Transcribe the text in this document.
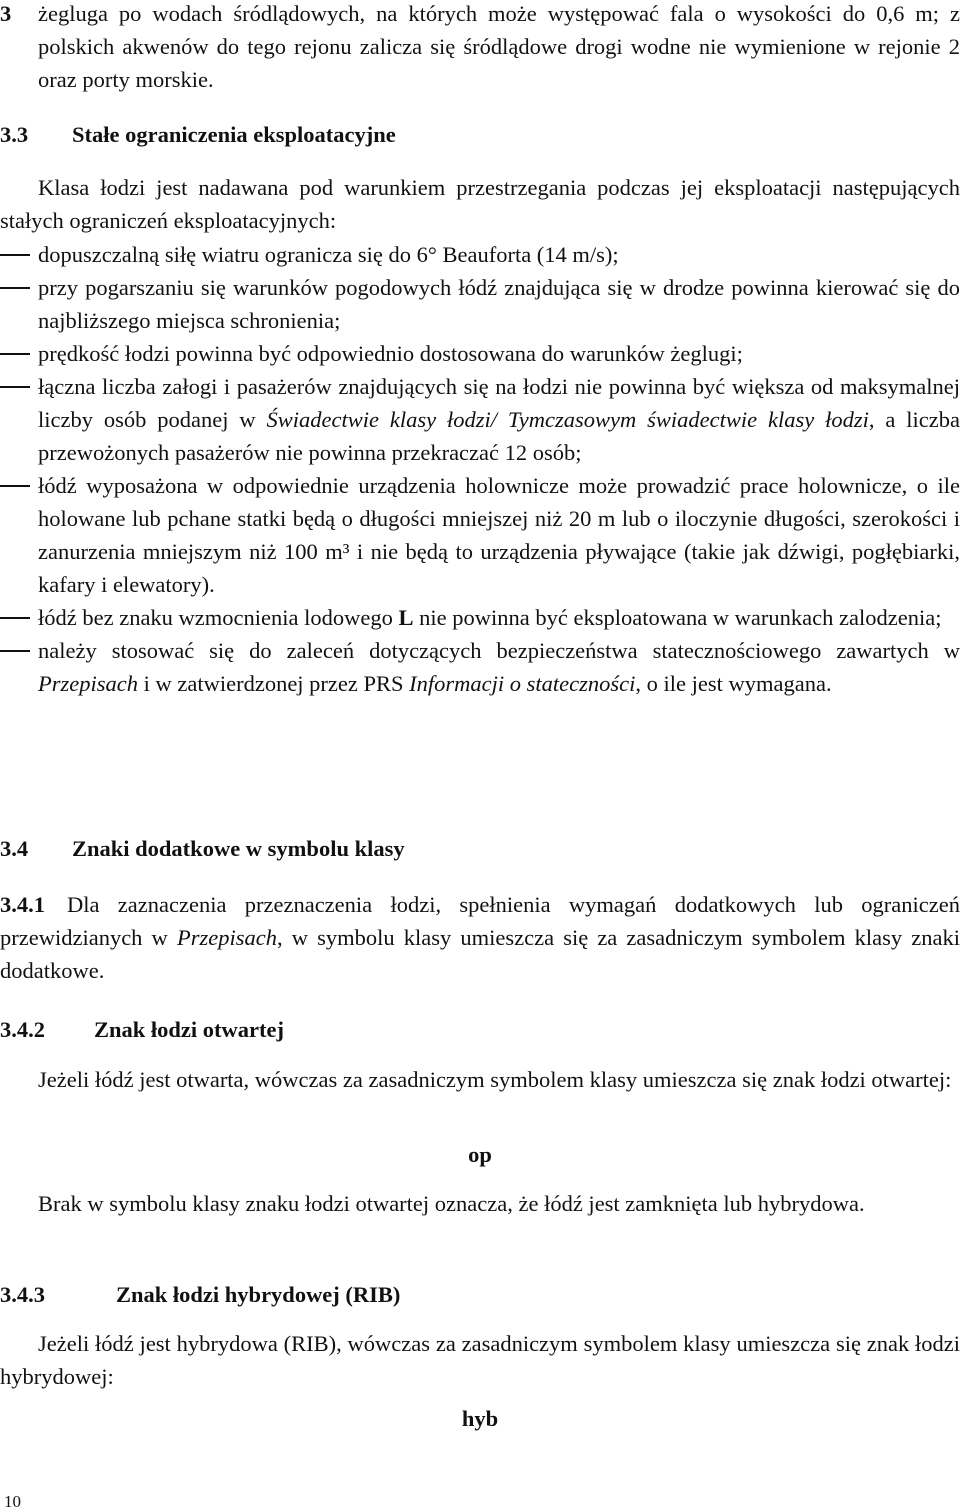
3 żegluga po wodach śródlądowych, na których może występować fala o wysokości do 0,6 m; z polskich akwenów do tego rejonu zalicza się śródlądowe drogi wodne nie wymienione w rejonie 2 oraz porty morskie.
3.3 Stałe ograniczenia eksploatacyjne
Klasa łodzi jest nadawana pod warunkiem przestrzegania podczas jej eksploatacji następujących stałych ograniczeń eksploatacyjnych:
dopuszczalną siłę wiatru ogranicza się do 6° Beauforta (14 m/s);
przy pogarszaniu się warunków pogodowych łódź znajdująca się w drodze powinna kierować się do najbliższego miejsca schronienia;
prędkość łodzi powinna być odpowiednio dostosowana do warunków żeglugi;
łączna liczba załogi i pasażerów znajdujących się na łodzi nie powinna być większa od maksymalnej liczby osób podanej w Świadectwie klasy łodzi/ Tymczasowym świadectwie klasy łodzi, a liczba przewożonych pasażerów nie powinna przekraczać 12 osób;
łódź wyposażona w odpowiednie urządzenia holownicze może prowadzić prace holownicze, o ile holowane lub pchane statki będą o długości mniejszej niż 20 m lub o iloczynie długości, szerokości i zanurzenia mniejszym niż 100 m³ i nie będą to urządzenia pływające (takie jak dźwigi, pogłębiarki, kafary i elewatory).
łódź bez znaku wzmocnienia lodowego L nie powinna być eksploatowana w warunkach zalodzenia;
należy stosować się do zaleceń dotyczących bezpieczeństwa statecznościowego zawartych w Przepisach i w zatwierdzonej przez PRS Informacji o stateczności, o ile jest wymagana.
3.4 Znaki dodatkowe w symbolu klasy
3.4.1 Dla zaznaczenia przeznaczenia łodzi, spełnienia wymagań dodatkowych lub ograniczeń przewidzianych w Przepisach, w symbolu klasy umieszcza się za zasadniczym symbolem klasy znaki dodatkowe.
3.4.2 Znak łodzi otwartej
Jeżeli łódź jest otwarta, wówczas za zasadniczym symbolem klasy umieszcza się znak łodzi otwartej:
op
Brak w symbolu klasy znaku łodzi otwartej oznacza, że łódź jest zamknięta lub hybrydowa.
3.4.3	Znak łodzi hybrydowej (RIB)
Jeżeli łódź jest hybrydowa (RIB), wówczas za zasadniczym symbolem klasy umieszcza się znak łodzi hybrydowej:
hyb
10
